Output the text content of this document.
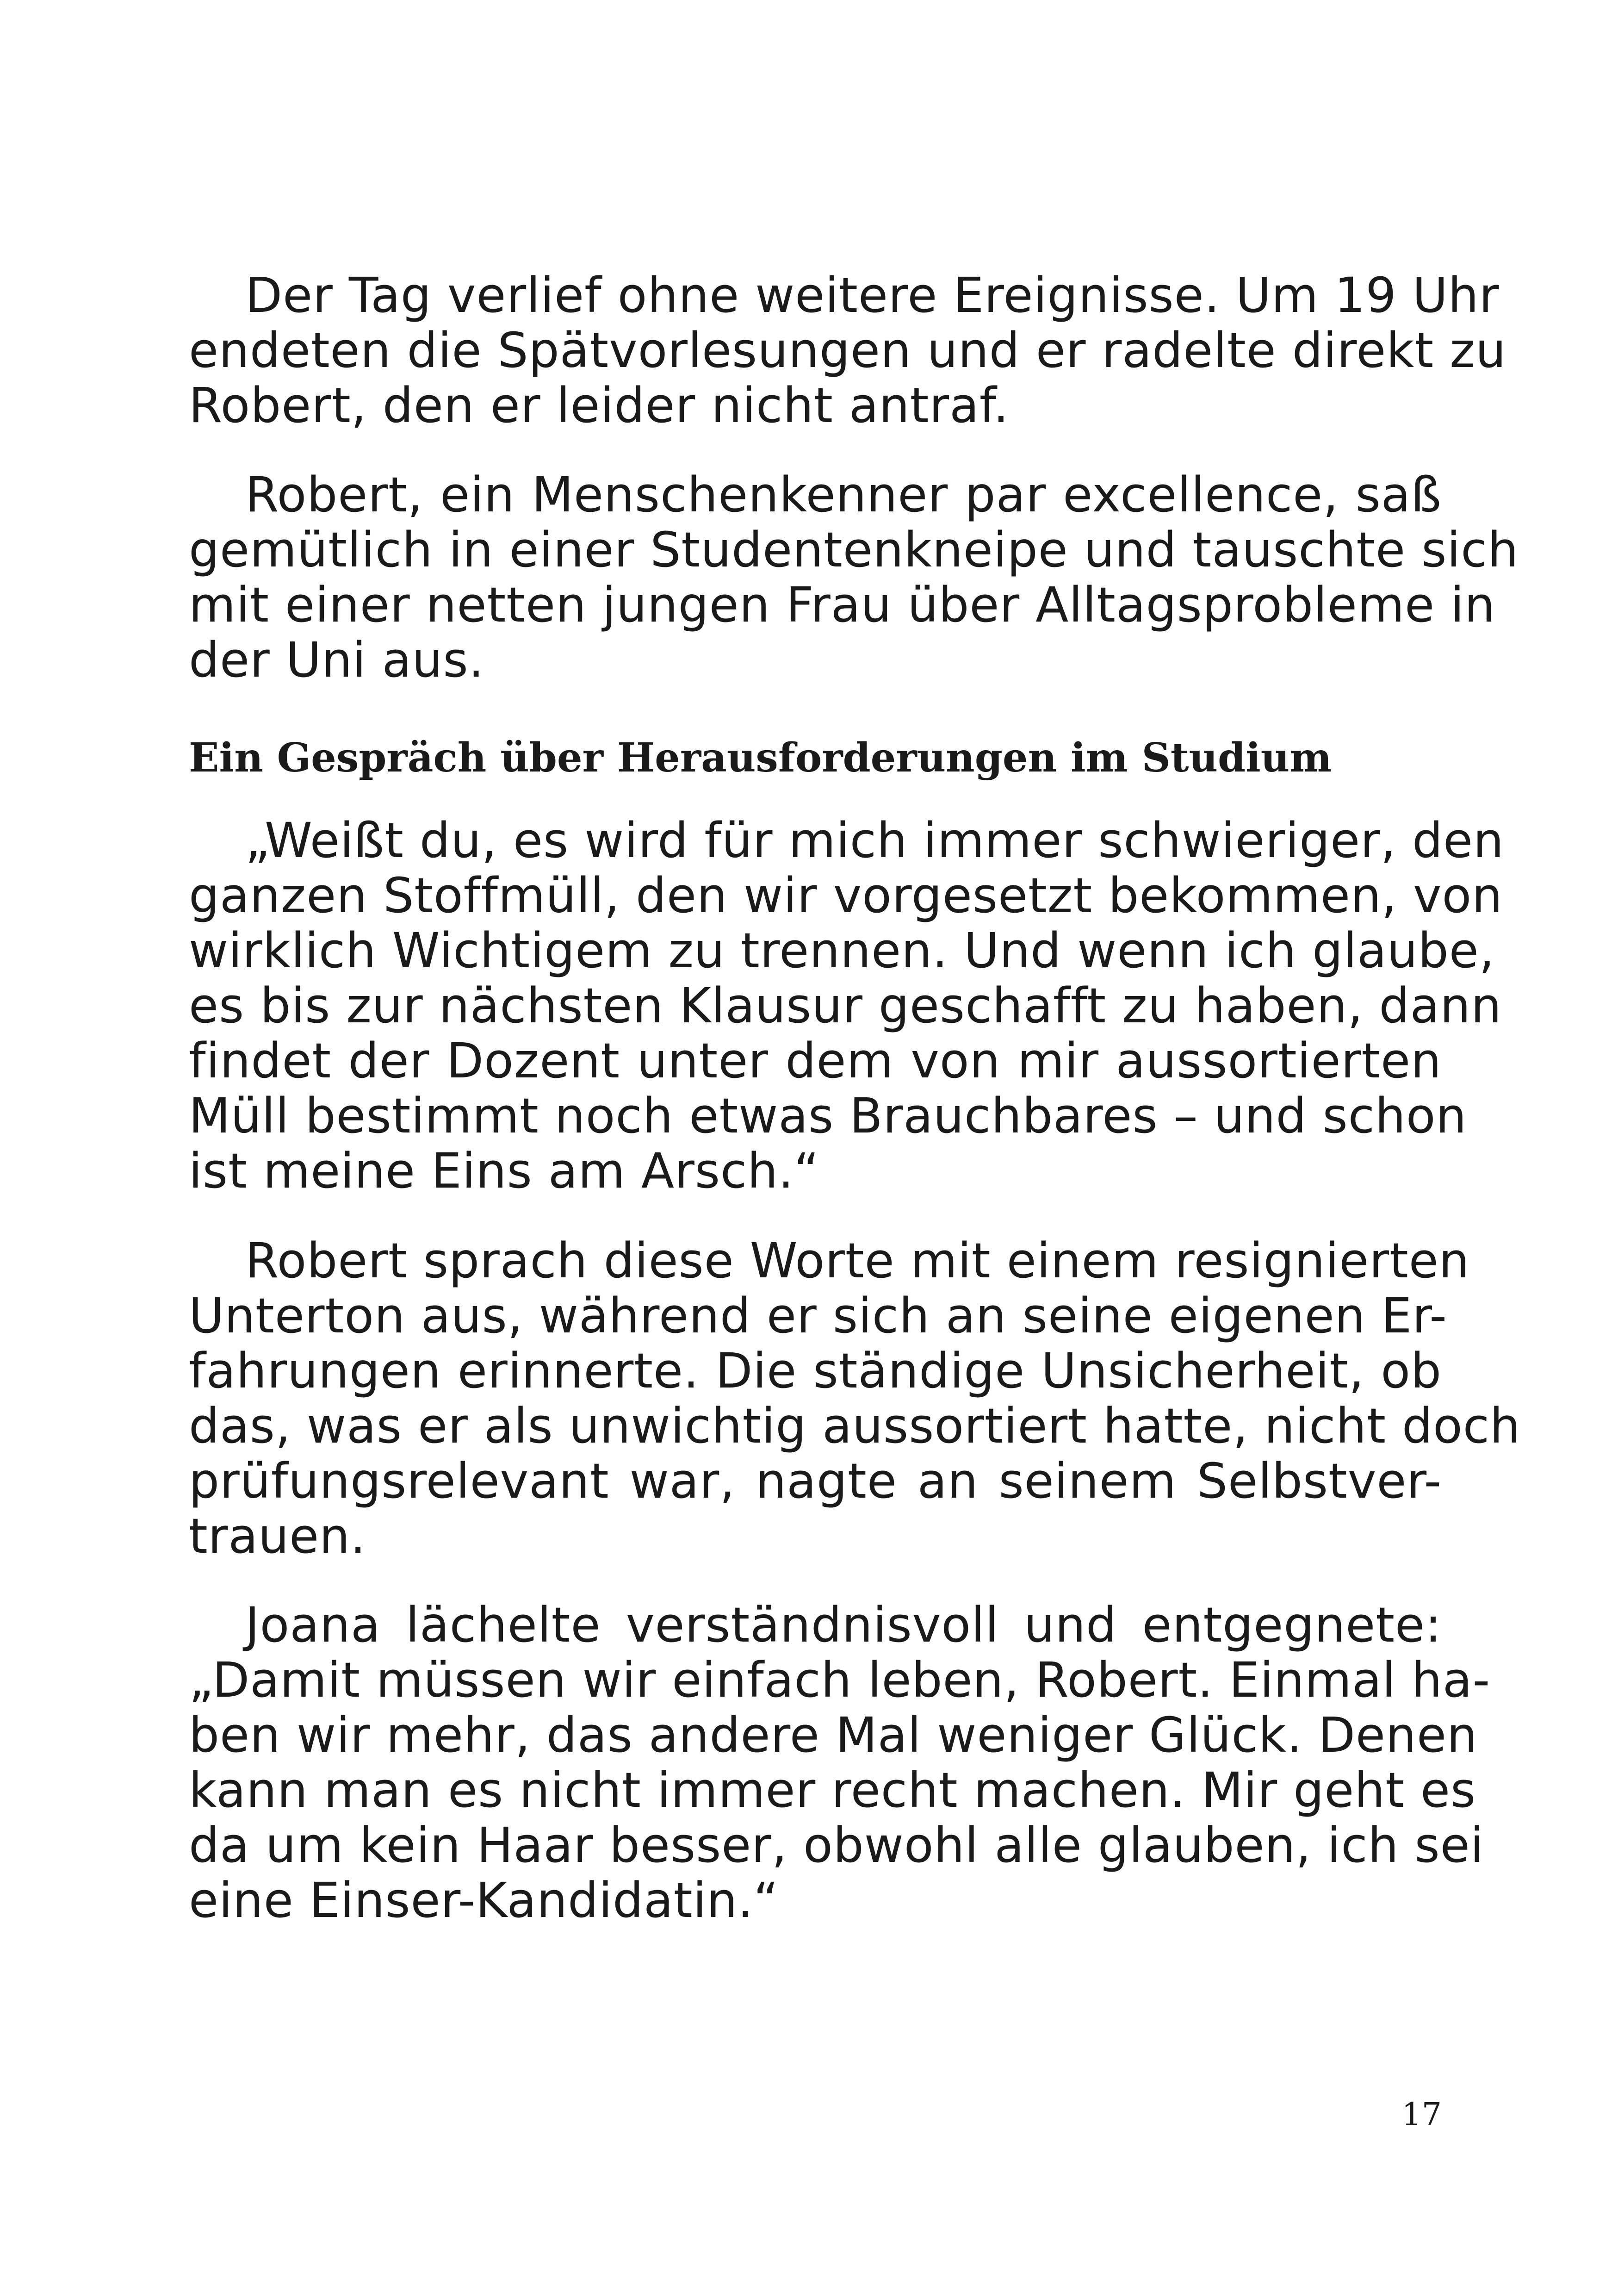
Der Tag verlief ohne weitere Ereignisse. Um 19 Uhr

endeten die Spätvorlesungen und er radelte direkt zu

Robert, den er leider nicht antraf.

Robert, ein Menschenkenner par excellence, saß

gemütlich in einer Studentenkneipe und tauschte sich

mit einer netten jungen Frau über Alltagsprobleme in

der Uni aus.

Ein Gespräch über Herausforderungen im Studium

„Weißt du, es wird für mich immer schwieriger, den

ganzen Stoffmüll, den wir vorgesetzt bekommen, von

wirklich Wichtigem zu trennen. Und wenn ich glaube,

es bis zur nächsten Klausur geschafft zu haben, dann

findet der Dozent unter dem von mir aussortierten

Müll bestimmt noch etwas Brauchbares – und schon

ist meine Eins am Arsch.“

Robert sprach diese Worte mit einem resignierten

Unterton aus, während er sich an seine eigenen Er-

fahrungen erinnerte. Die ständige Unsicherheit, ob

das, was er als unwichtig aussortiert hatte, nicht doch

prüfungsrelevant war, nagte an seinem Selbstver-

trauen.

Joana lächelte verständnisvoll und entgegnete:

„Damit müssen wir einfach leben, Robert. Einmal ha-

ben wir mehr, das andere Mal weniger Glück. Denen

kann man es nicht immer recht machen. Mir geht es

da um kein Haar besser, obwohl alle glauben, ich sei

eine Einser-Kandidatin.“

17
